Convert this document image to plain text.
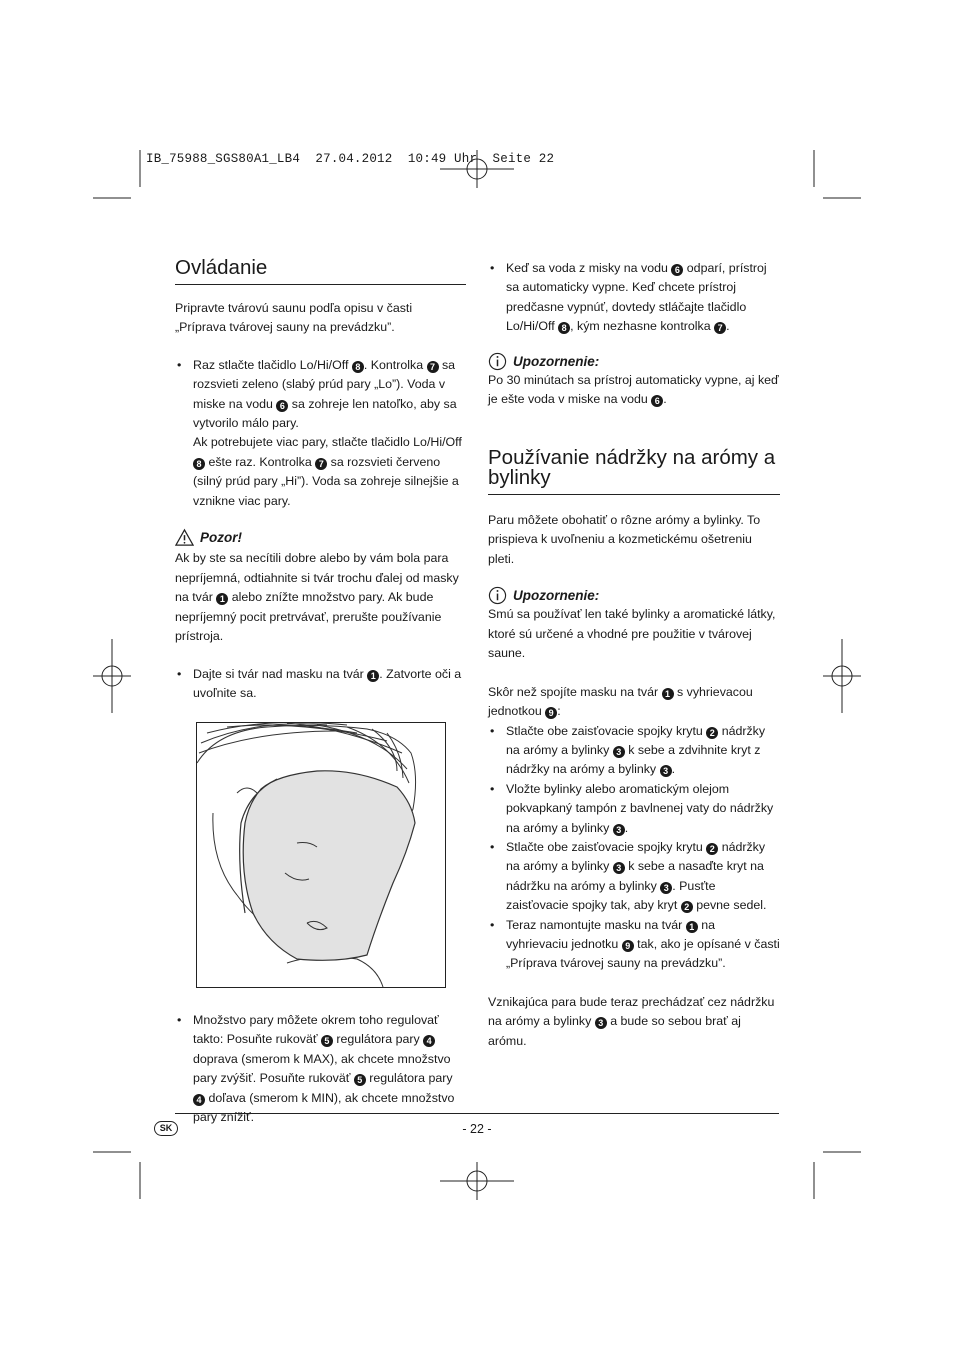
IB_75988_SGS80A1_LB4  27.04.2012  10:49 Uhr  Seite 22
Ovládanie

Pripravte tvárovú saunu podľa opisu v časti „Príprava tvárovej sauny na prevádzku”.

• Raz stlačte tlačidlo Lo/Hi/Off 8 . Kontrolka 7 sa rozsvieti zeleno (slabý prúd pary „Lo”). Voda v miske na vodu 6 sa zohreje len natoľko, aby sa vytvorilo málo pary.
Ak potrebujete viac pary, stlačte tlačidlo Lo/Hi/Off 8 ešte raz. Kontrolka 7 sa rozsvieti červeno (silný prúd pary „Hi”). Voda sa zohreje silnejšie a vznikne viac pary.
Pozor!

Ak by ste sa necítili dobre alebo by vám bola para nepríjemná, odtiahnite si tvár trochu ďalej od masky na tvár 1 alebo znížte množstvo pary. Ak bude nepríjemný pocit pretrvávať, prerušte používanie prístroja.

• Dajte si tvár nad masku na tvár 1 . Zatvorte oči a uvoľnite sa.
• Množstvo pary môžete okrem toho regulovať takto: Posuňte rukoväť 5 regulátora pary 4 doprava (smerom k MAX), ak chcete množstvo pary zvýšiť. Posuňte rukoväť 5 regulátora pary 4 doľava (smerom k MIN), ak chcete množstvo pary znížiť.
• Keď sa voda z misky na vodu 6 odparí, prístroj sa automaticky vypne. Keď chcete prístroj predčasne vypnúť, dovtedy stláčajte tlačidlo Lo/Hi/Off 8 , kým nezhasne kontrolka 7 .
Upozornenie:

Po 30 minútach sa prístroj automaticky vypne, aj keď je ešte voda v miske na vodu 6 .

Používanie nádržky na arómy a bylinky

Paru môžete obohatiť o rôzne arómy a bylinky. To prispieva k uvoľneniu a kozmetickému ošetreniu pleti.

Upozornenie:

Smú sa používať len také bylinky a aromatické látky, ktoré sú určené a vhodné pre použitie v tvárovej saune.

Skôr než spojíte masku na tvár 1 s vyhrievacou jednotkou 9 :

• Stlačte obe zaisťovacie spojky krytu 2 nádržky na arómy a bylinky 3 k sebe a zdvihnite kryt z nádržky na arómy a bylinky 3 .
• Vložte bylinky alebo aromatickým olejom pokvapkaný tampón z bavlnenej vaty do nádržky na arómy a bylinky 3 .
• Stlačte obe zaisťovacie spojky krytu 2 nádržky na arómy a bylinky 3 k sebe a nasaďte kryt na nádržku na arómy a bylinky 3 . Pusťte zaisťovacie spojky tak, aby kryt 2 pevne sedel.
• Teraz namontujte masku na tvár 1 na vyhrievaciu jednotku 9 tak, ako je opísané v časti „Príprava tvárovej sauny na prevádzku”.

Vznikajúca para bude teraz prechádzať cez nádržku na arómy a bylinky 3 a bude so sebou brať aj arómu.

SK	- 22 -
